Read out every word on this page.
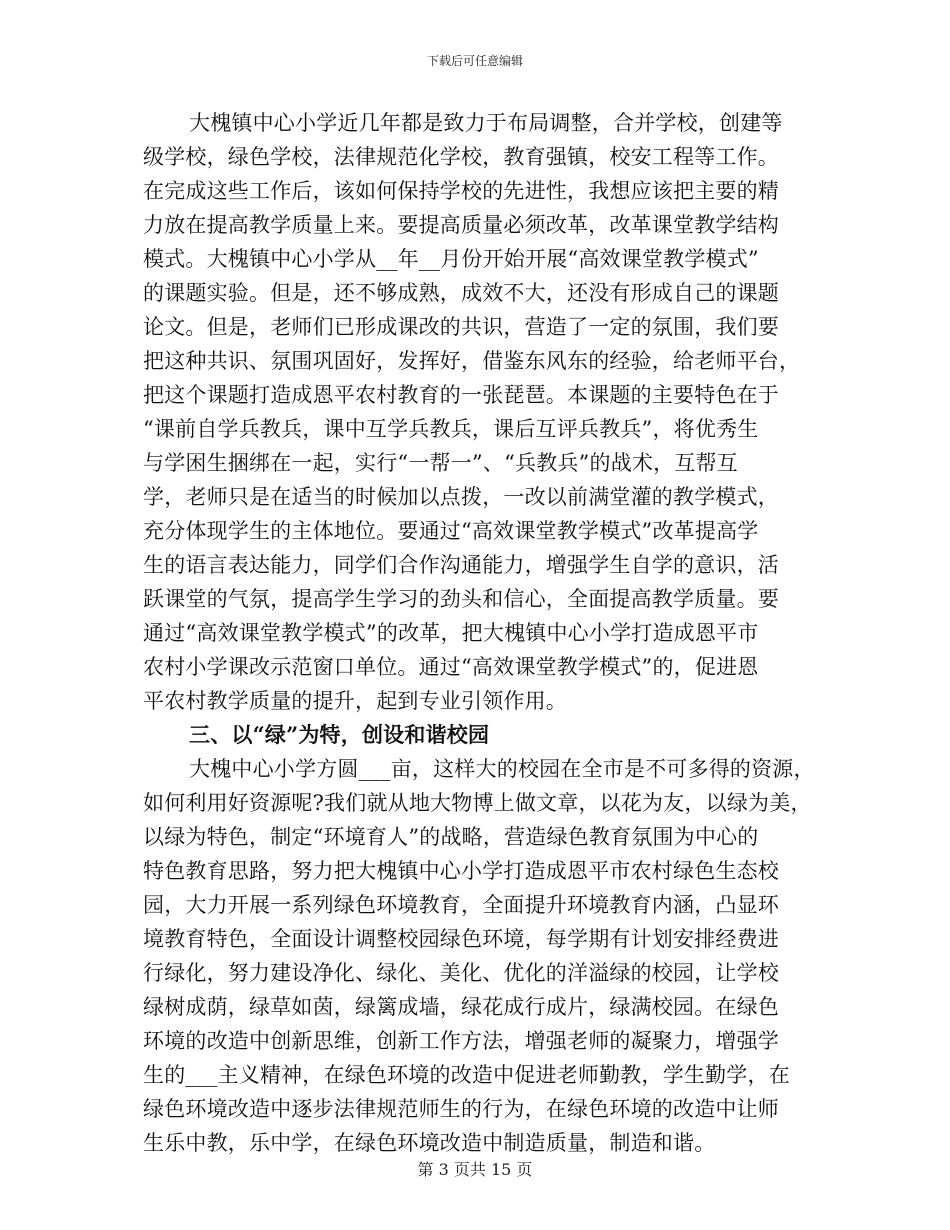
下载后可任意编辑
大槐镇中心小学近几年都是致力于布局调整，合并学校，创建等
级学校，绿色学校，法律规范化学校，教育强镇，校安工程等工作。
在完成这些工作后，该如何保持学校的先进性，我想应该把主要的精
力放在提高教学质量上来。要提高质量必须改革，改革课堂教学结构
模式。大槐镇中心小学从__年__月份开始开展“高效课堂教学模式”
的课题实验。但是，还不够成熟，成效不大，还没有形成自己的课题
论文。但是，老师们已形成课改的共识，营造了一定的氛围，我们要
把这种共识、氛围巩固好，发挥好，借鉴东风东的经验，给老师平台，
把这个课题打造成恩平农村教育的一张琵琶。本课题的主要特色在于
“课前自学兵教兵，课中互学兵教兵，课后互评兵教兵”，将优秀生
与学困生捆绑在一起，实行“一帮一”、“兵教兵”的战术，互帮互
学，老师只是在适当的时候加以点拨，一改以前满堂灌的教学模式，
充分体现学生的主体地位。要通过“高效课堂教学模式”改革提高学
生的语言表达能力，同学们合作沟通能力，增强学生自学的意识，活
跃课堂的气氛，提高学生学习的劲头和信心，全面提高教学质量。要
通过“高效课堂教学模式”的改革，把大槐镇中心小学打造成恩平市
农村小学课改示范窗口单位。通过“高效课堂教学模式”的，促进恩
平农村教学质量的提升，起到专业引领作用。
三、以“绿”为特，创设和谐校园
大槐中心小学方圆___亩，这样大的校园在全市是不可多得的资源，
如何利用好资源呢?我们就从地大物博上做文章，以花为友，以绿为美，
以绿为特色，制定“环境育人”的战略，营造绿色教育氛围为中心的
特色教育思路，努力把大槐镇中心小学打造成恩平市农村绿色生态校
园，大力开展一系列绿色环境教育，全面提升环境教育内涵，凸显环
境教育特色，全面设计调整校园绿色环境，每学期有计划安排经费进
行绿化，努力建设净化、绿化、美化、优化的洋溢绿的校园，让学校
绿树成荫，绿草如茵，绿篱成墙，绿花成行成片，绿满校园。在绿色
环境的改造中创新思维，创新工作方法，增强老师的凝聚力，增强学
生的___主义精神，在绿色环境的改造中促进老师勤教，学生勤学，在
绿色环境改造中逐步法律规范师生的行为，在绿色环境的改造中让师
生乐中教，乐中学，在绿色环境改造中制造质量，制造和谐。
第 3 页共 15 页
